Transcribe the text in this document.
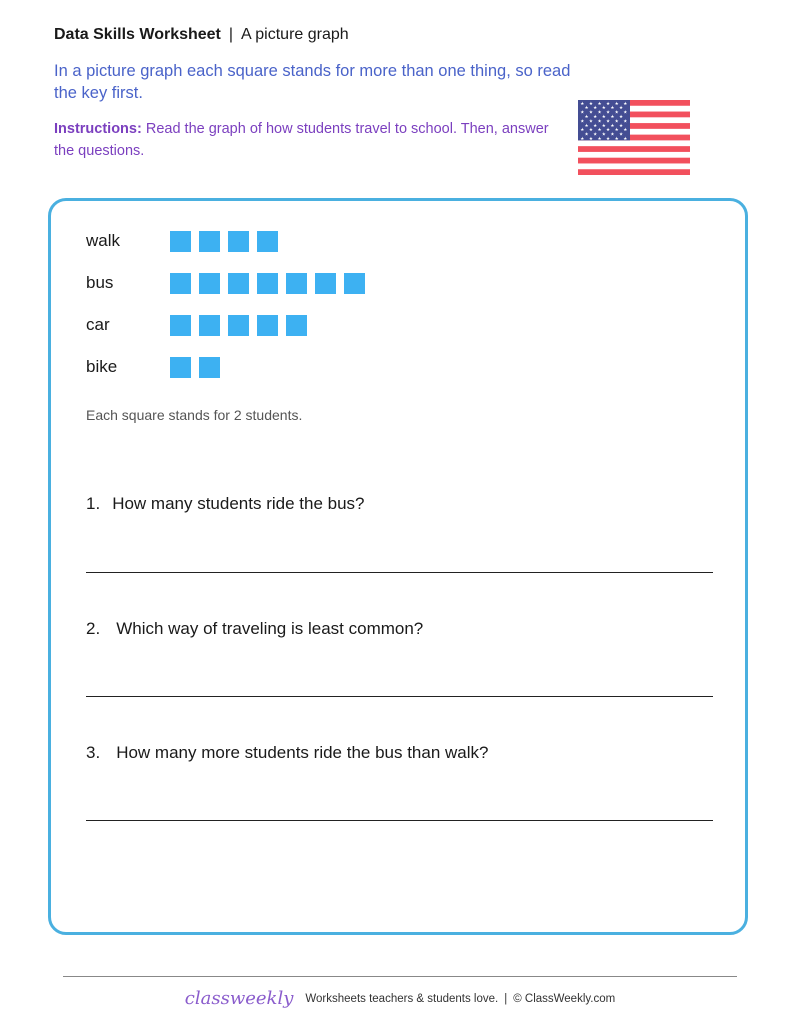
Data Skills Worksheet | A picture graph
In a picture graph each square stands for more than one thing, so read the key first.
Instructions: Read the graph of how students travel to school. Then, answer the questions.
★ ★ ★ ★ ★ ★
★ ★ ★ ★ ★
★ ★ ★ ★ ★ ★
★ ★ ★ ★ ★
★ ★ ★ ★ ★ ★
★ ★ ★ ★ ★
★ ★ ★ ★ ★ ★
★ ★ ★ ★ ★
★ ★ ★ ★ ★ ★
walk
bus
car
bike
Each square stands for 2 students.
1. How many students ride the bus?
2. Which way of traveling is least common?
3. How many more students ride the bus than walk?
classweekly Worksheets teachers & students love. | © ClassWeekly.com
